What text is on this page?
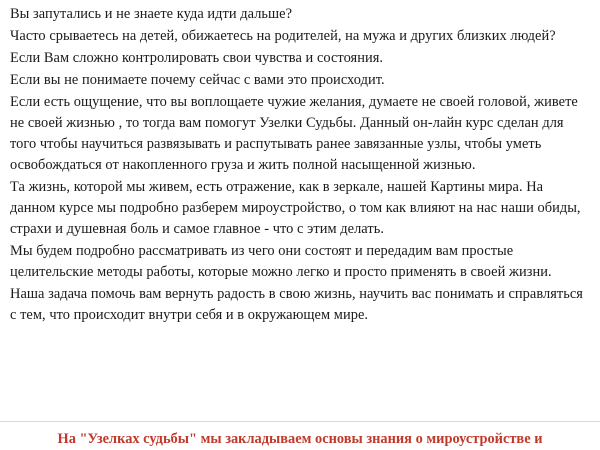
Вы запутались и не знаете куда идти дальше?

Часто срываетесь на детей, обижаетесь на родителей, на мужа и других близких людей?

Если Вам сложно контролировать свои чувства и состояния.

Если вы не понимаете почему сейчас с вами это происходит.

Если есть ощущение, что вы воплощаете чужие желания, думаете не своей головой, живете не своей жизнью , то тогда вам помогут Узелки Судьбы. Данный он-лайн курс сделан для того чтобы научиться развязывать и распутывать ранее завязанные узлы, чтобы уметь освобождаться от накопленного груза и жить полной насыщенной жизнью.

Та жизнь, которой мы живем, есть отражение, как в зеркале, нашей Картины мира. На данном курсе мы подробно разберем мироустройство, о том как влияют на нас наши обиды, страхи и душевная боль и самое главное - что с этим делать.

Мы будем подробно рассматривать из чего они состоят и передадим вам простые целительские методы работы, которые можно легко и просто применять в своей жизни.

Наша задача помочь вам вернуть радость в свою жизнь, научить вас понимать и справляться с тем, что происходит внутри себя и в окружающем мире.

На "Узелках судьбы" мы закладываем основы знания о мироустройстве и
